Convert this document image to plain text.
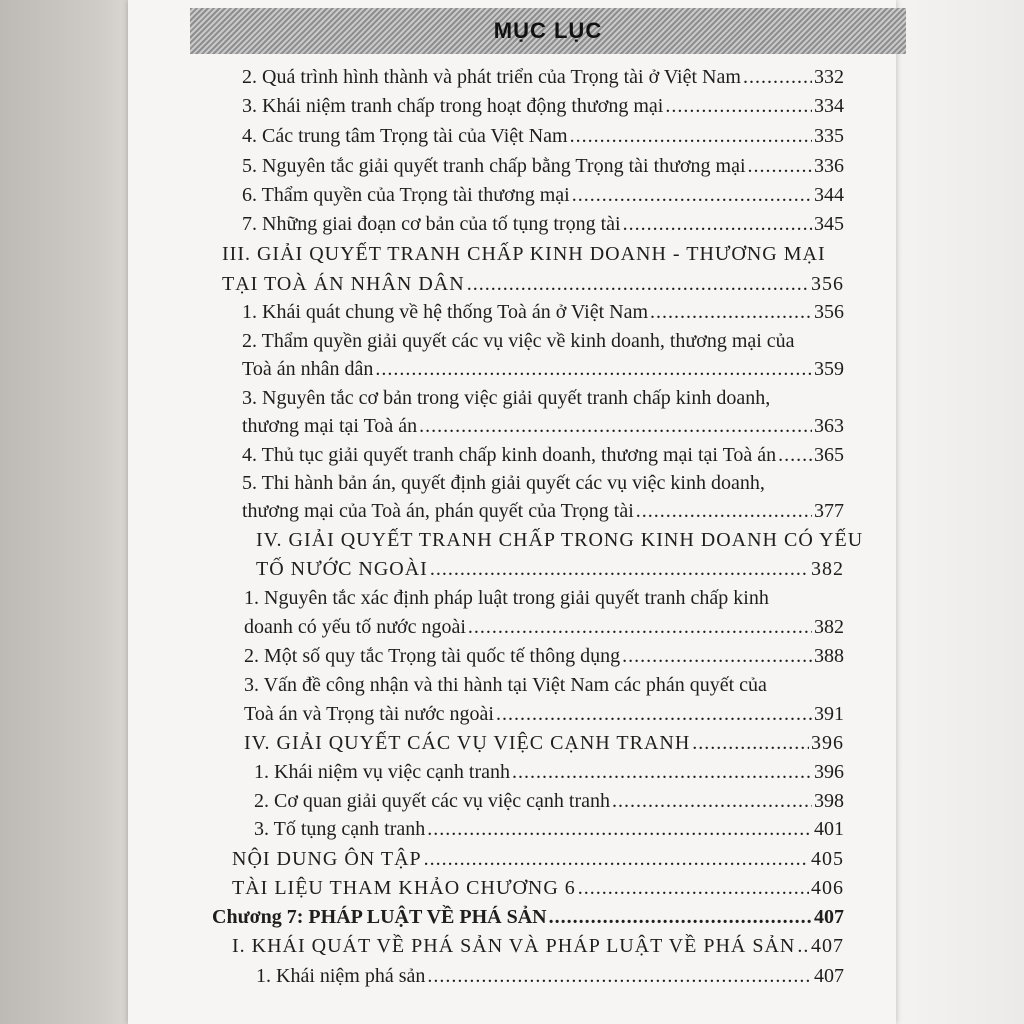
MỤC LỤC
2. Quá trình hình thành và phát triển của Trọng tài ở Việt Nam .....	332
3. Khái niệm tranh chấp trong hoạt động thương mại .....	334
4. Các trung tâm Trọng tài của Việt Nam .....	335
5. Nguyên tắc giải quyết tranh chấp bằng Trọng tài thương mại .....	336
6. Thẩm quyền của Trọng tài thương mại .....	344
7. Những giai đoạn cơ bản của tố tụng trọng tài .....	345
III. GIẢI QUYẾT TRANH CHẤP KINH DOANH - THƯƠNG MẠI
TẠI TOÀ ÁN NHÂN DÂN .....	356
1. Khái quát chung về hệ thống Toà án ở Việt Nam .....	356
2. Thẩm quyền giải quyết các vụ việc về kinh doanh, thương mại của
Toà án nhân dân .....	359
3. Nguyên tắc cơ bản trong việc giải quyết tranh chấp kinh doanh,
thương mại tại Toà án .....	363
4. Thủ tục giải quyết tranh chấp kinh doanh, thương mại tại Toà án ..... 365
5. Thi hành bản án, quyết định giải quyết các vụ việc kinh doanh,
thương mại của Toà án, phán quyết của Trọng tài .....	377
IV. GIẢI QUYẾT TRANH CHẤP TRONG KINH DOANH CÓ YẾU
TỐ NƯỚC NGOÀI .....	382
1. Nguyên tắc xác định pháp luật trong giải quyết tranh chấp kinh
doanh có yếu tố nước ngoài .....	382
2. Một số quy tắc Trọng tài quốc tế thông dụng .....	388
3. Vấn đề công nhận và thi hành tại Việt Nam các phán quyết của
Toà án và Trọng tài nước ngoài .....	391
IV. GIẢI QUYẾT CÁC VỤ VIỆC CẠNH TRANH .....	396
1. Khái niệm vụ việc cạnh tranh .....	396
2. Cơ quan giải quyết các vụ việc cạnh tranh .....	398
3. Tố tụng cạnh tranh .....	401
NỘI DUNG ÔN TẬP .....	405
TÀI LIỆU THAM KHẢO CHƯƠNG 6 .....	406
Chương 7: PHÁP LUẬT VỀ PHÁ SẢN .....	407
I. KHÁI QUÁT VỀ PHÁ SẢN VÀ PHÁP LUẬT VỀ PHÁ SẢN ..... 407
1. Khái niệm phá sản .....	407
